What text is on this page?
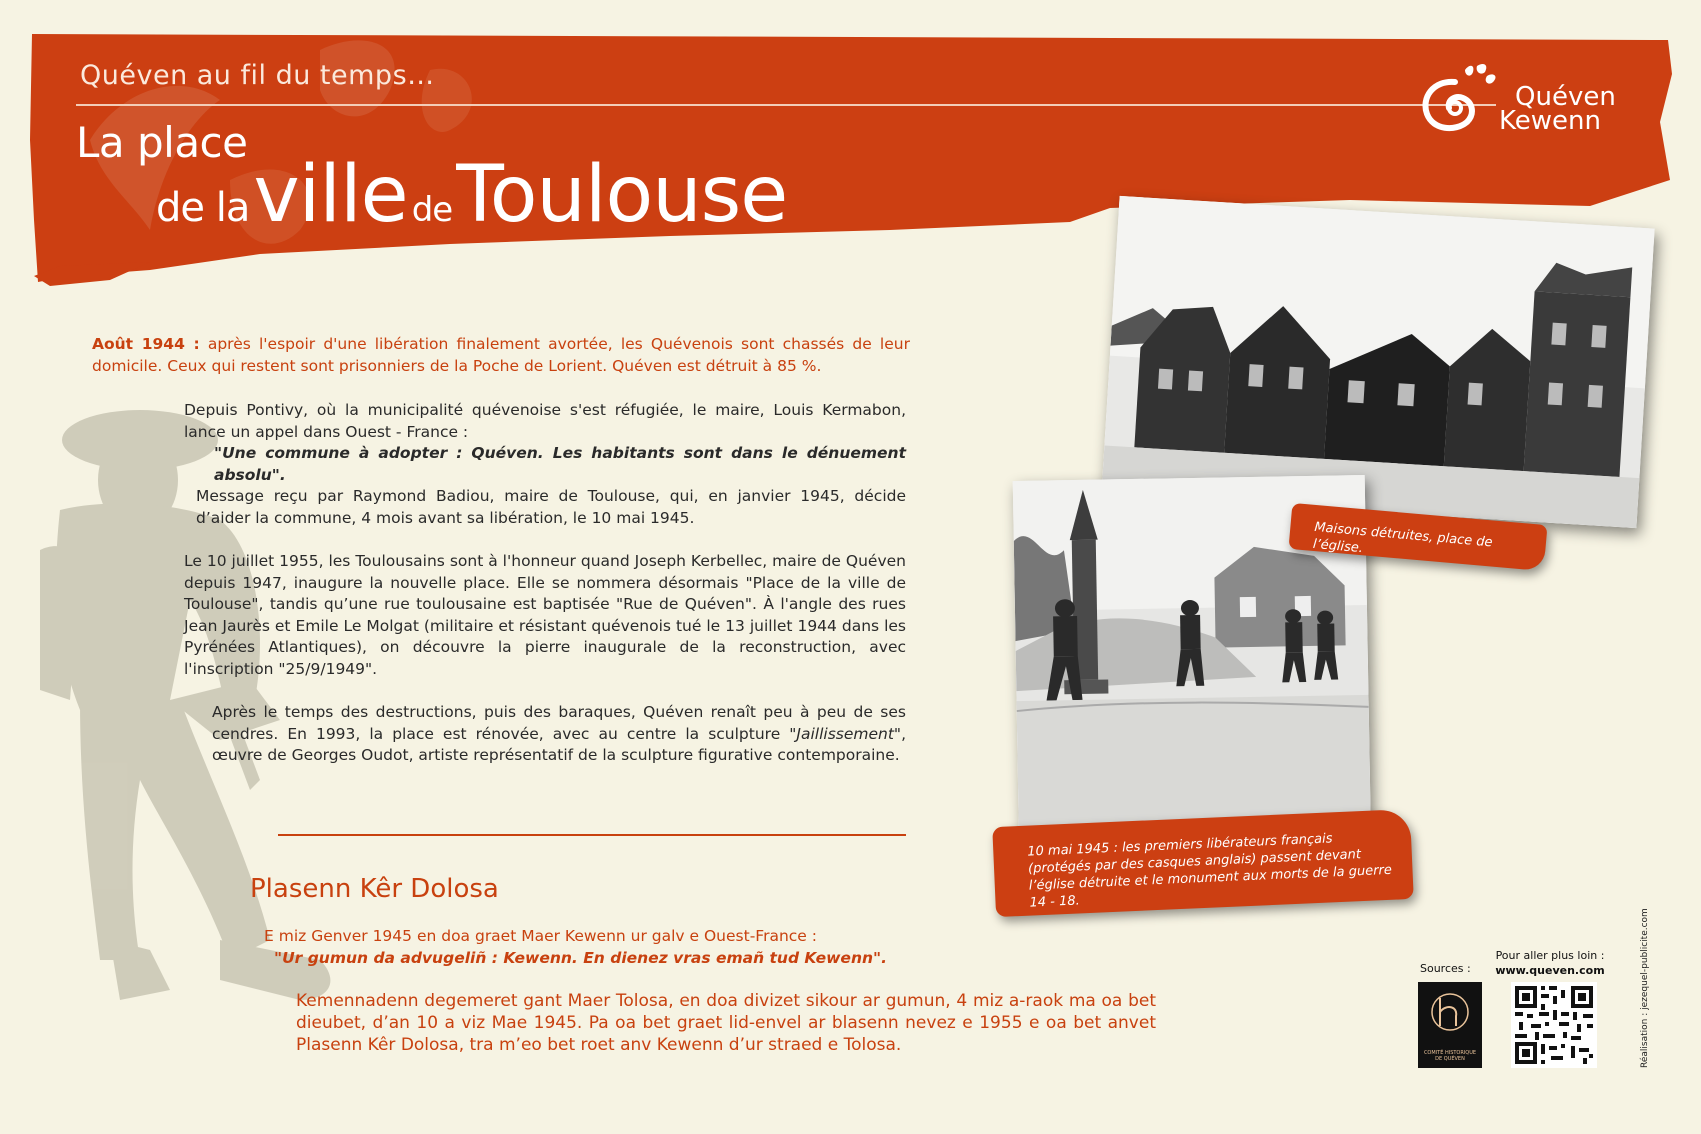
Quéven au fil du temps…
La place
de la ville de Toulouse
Quéven
Kewenn
Août 1944 : après l'espoir d'une libération finalement avortée, les Quévenois sont chassés de leur domicile. Ceux qui restent sont prisonniers de la Poche de Lorient. Quéven est détruit à 85 %.
Depuis Pontivy, où la municipalité quévenoise s'est réfugiée, le maire, Louis Kermabon, lance un appel dans Ouest - France :
"Une commune à adopter : Quéven. Les habitants sont dans le dénuement absolu".
Message reçu par Raymond Badiou, maire de Toulouse, qui, en janvier 1945, décide d’aider la commune, 4 mois avant sa libération, le 10 mai 1945.
Le 10 juillet 1955, les Toulousains sont à l'honneur quand Joseph Kerbellec, maire de Quéven depuis 1947, inaugure la nouvelle place. Elle se nommera désormais "Place de la ville de Toulouse", tandis qu’une rue toulousaine est baptisée "Rue de Quéven". À l'angle des rues Jean Jaurès et Emile Le Molgat (militaire et résistant quévenois tué le 13 juillet 1944 dans les Pyrénées Atlantiques), on découvre la pierre inaugurale de la reconstruction, avec l'inscription "25/9/1949".
Après le temps des destructions, puis des baraques, Quéven renaît peu à peu de ses cendres. En 1993, la place est rénovée, avec au centre la sculpture "Jaillissement", œuvre de Georges Oudot, artiste représentatif de la sculpture figurative contemporaine.
Plasenn Kêr Dolosa
E miz Genver 1945 en doa graet Maer Kewenn ur galv e Ouest-France :
"Ur gumun da advugeliñ : Kewenn. En dienez vras emañ tud Kewenn".
Kemennadenn degemeret gant Maer Tolosa, en doa divizet sikour ar gumun, 4 miz a-raok ma oa bet dieubet, d’an 10 a viz Mae 1945. Pa oa bet graet lid-envel ar blasenn nevez e 1955 e oa bet anvet Plasenn Kêr Dolosa, tra m’eo bet roet anv Kewenn d’ur straed e Tolosa.
Maisons détruites, place de l’église.
10 mai 1945 : les premiers libérateurs français (protégés par des casques anglais) passent devant l’église détruite et le monument aux morts de la guerre 14 - 18.
Sources :
Pour aller plus loin :
www.queven.com
COMITÉ HISTORIQUE DE QUÉVEN	Réalisation : jezequel-publicite.com
